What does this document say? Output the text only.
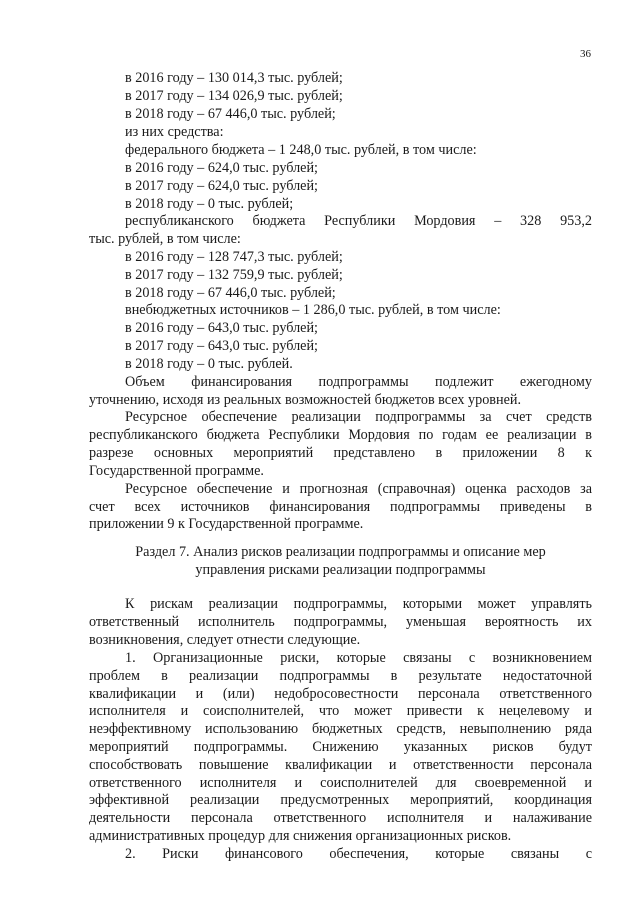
36
в 2016 году – 130 014,3 тыс. рублей;
в 2017 году – 134 026,9 тыс. рублей;
в 2018 году – 67 446,0 тыс. рублей;
из них средства:
федерального бюджета – 1 248,0 тыс. рублей, в том числе:
в 2016 году – 624,0 тыс. рублей;
в 2017 году – 624,0 тыс. рублей;
в 2018 году – 0 тыс. рублей;
республиканского бюджета Республики Мордовия – 328 953,2
тыс. рублей, в том числе:
в 2016 году – 128 747,3 тыс. рублей;
в 2017 году – 132 759,9 тыс. рублей;
в 2018 году – 67 446,0 тыс. рублей;
внебюджетных источников – 1 286,0 тыс. рублей, в том числе:
в 2016 году – 643,0 тыс. рублей;
в 2017 году – 643,0 тыс. рублей;
в 2018 году – 0 тыс. рублей.
Объем финансирования подпрограммы подлежит ежегодному
уточнению, исходя из реальных возможностей бюджетов всех уровней.
Ресурсное обеспечение реализации подпрограммы за счет средств
республиканского бюджета Республики Мордовия по годам ее реализации в
разрезе основных мероприятий представлено в приложении 8 к
Государственной программе.
Ресурсное обеспечение и прогнозная (справочная) оценка расходов за
счет всех источников финансирования подпрограммы приведены в
приложении 9 к Государственной программе.
Раздел 7. Анализ рисков реализации подпрограммы и описание мер
управления рисками реализации подпрограммы
К рискам реализации подпрограммы, которыми может управлять
ответственный исполнитель подпрограммы, уменьшая вероятность их
возникновения, следует отнести следующие.
1. Организационные риски, которые связаны с возникновением
проблем в реализации подпрограммы в результате недостаточной
квалификации и (или) недобросовестности персонала ответственного
исполнителя и соисполнителей, что может привести к нецелевому и
неэффективному использованию бюджетных средств, невыполнению ряда
мероприятий подпрограммы. Снижению указанных рисков будут
способствовать повышение квалификации и ответственности персонала
ответственного исполнителя и соисполнителей для своевременной и
эффективной реализации предусмотренных мероприятий, координация
деятельности персонала ответственного исполнителя и налаживание
административных процедур для снижения организационных рисков.
2. Риски финансового обеспечения, которые связаны с
